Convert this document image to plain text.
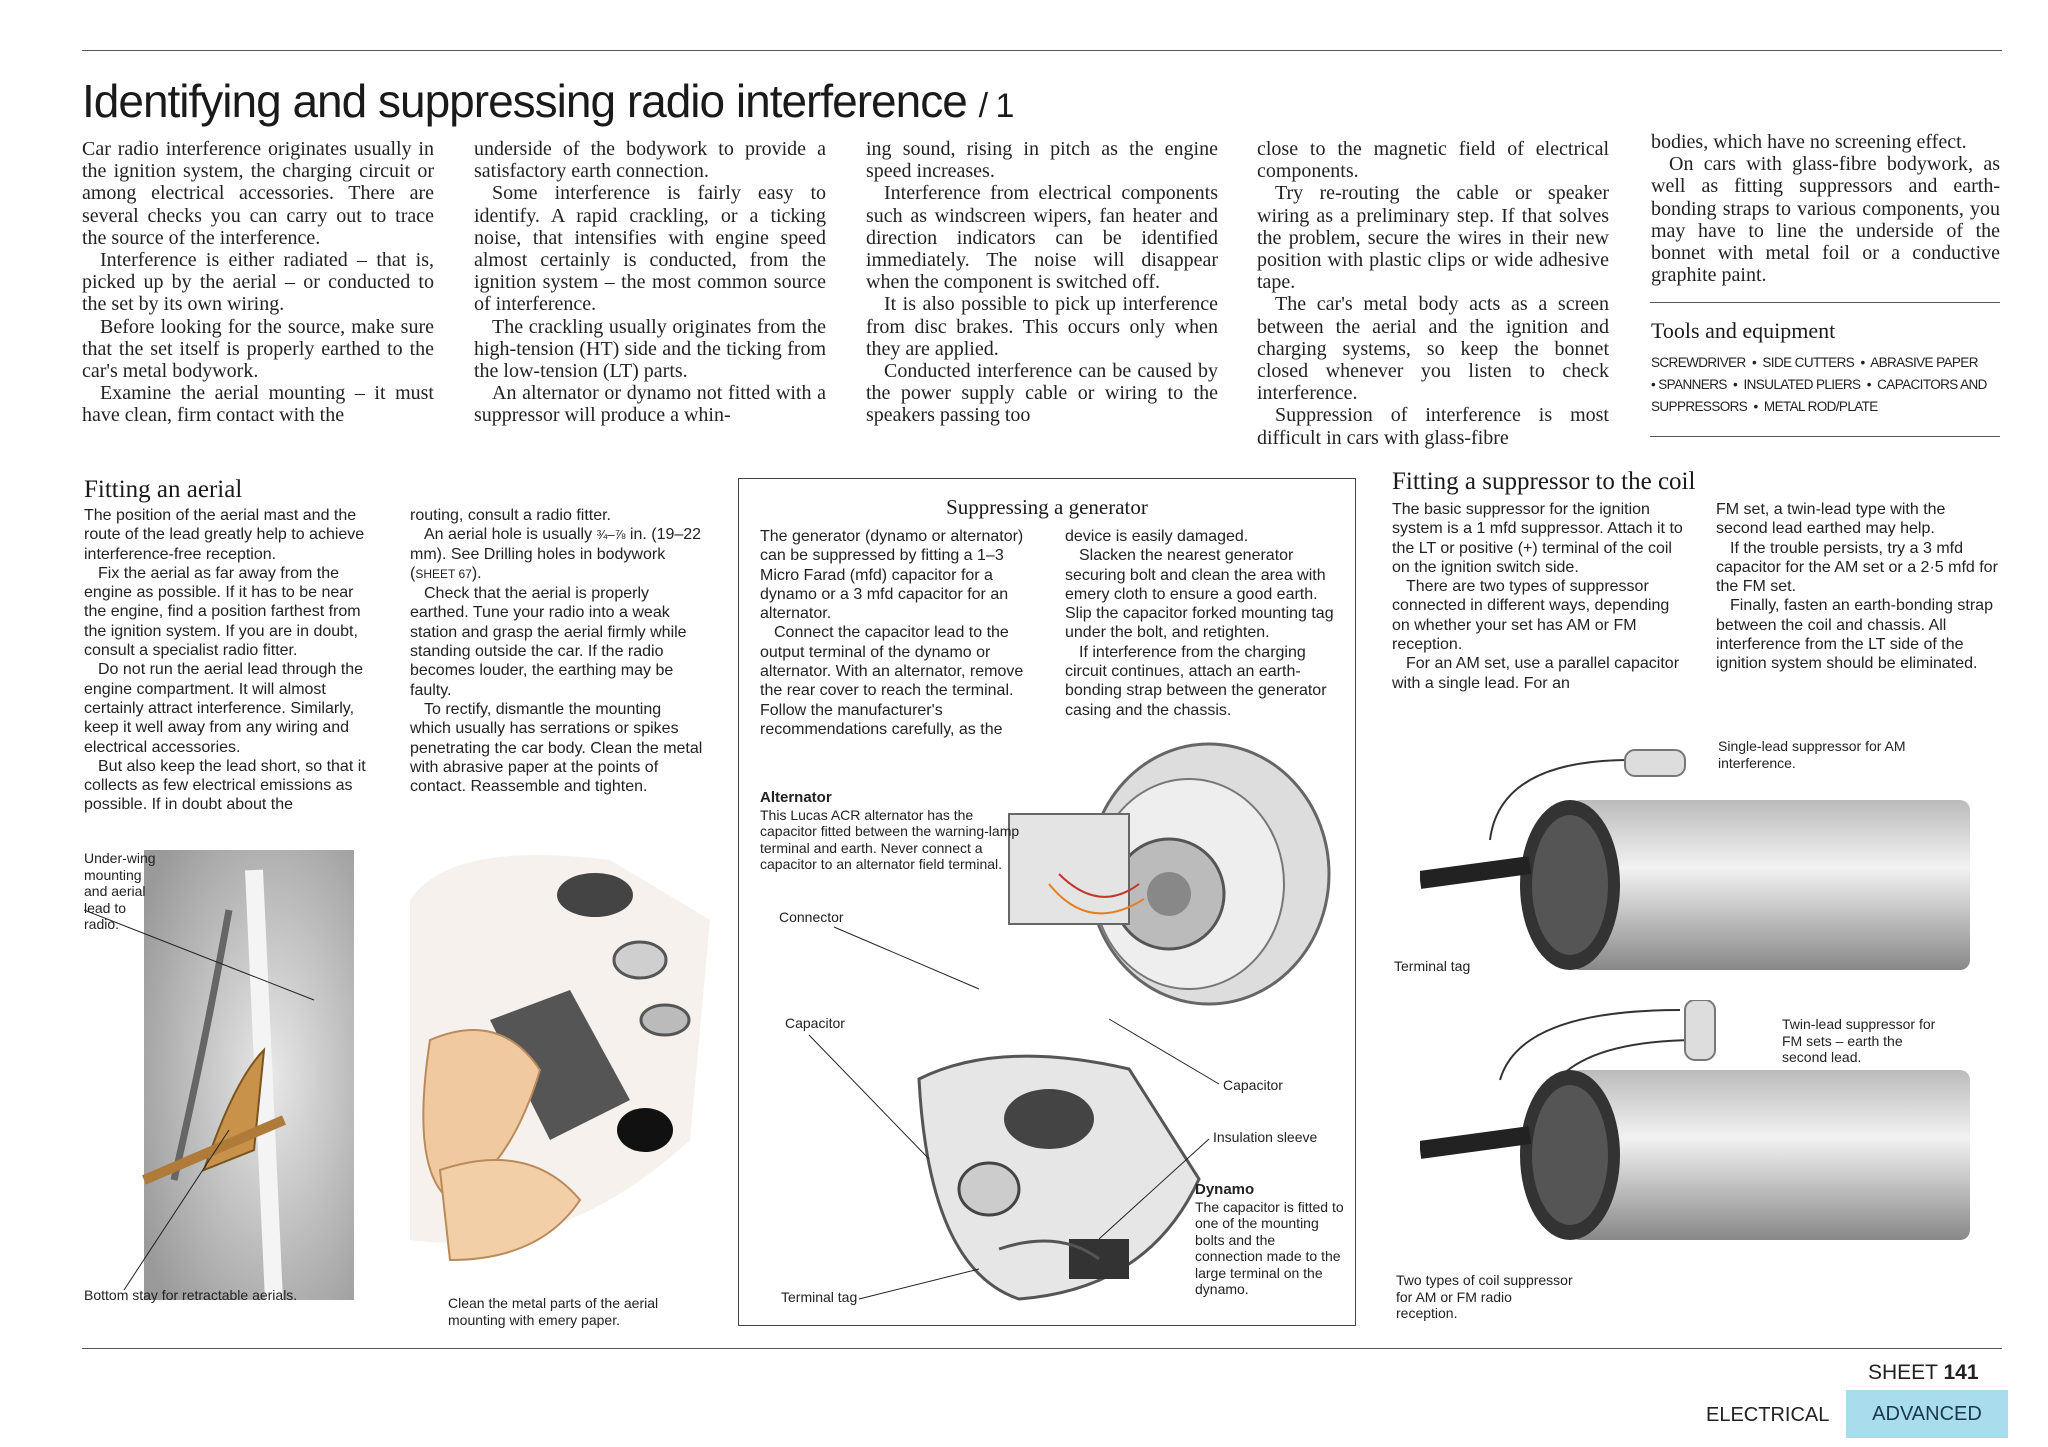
Identifying and suppressing radio interference / 1

Car radio interference originates usually in the ignition system, the charging circuit or among electrical accessories. There are several checks you can carry out to trace the source of the interference.

Interference is either radiated – that is, picked up by the aerial – or conducted to the set by its own wiring.

Before looking for the source, make sure that the set itself is properly earthed to the car's metal bodywork.

Examine the aerial mounting – it must have clean, firm contact with the

underside of the bodywork to provide a satisfactory earth connection.

Some interference is fairly easy to identify. A rapid crackling, or a ticking noise, that intensifies with engine speed almost certainly is conducted, from the ignition system – the most common source of interference.

The crackling usually originates from the high-tension (HT) side and the ticking from the low-tension (LT) parts.

An alternator or dynamo not fitted with a suppressor will produce a whin-

ing sound, rising in pitch as the engine speed increases.

Interference from electrical components such as windscreen wipers, fan heater and direction indicators can be identified immediately. The noise will disappear when the component is switched off.

It is also possible to pick up interference from disc brakes. This occurs only when they are applied.

Conducted interference can be caused by the power supply cable or wiring to the speakers passing too

close to the magnetic field of electrical components.

Try re-routing the cable or speaker wiring as a preliminary step. If that solves the problem, secure the wires in their new position with plastic clips or wide adhesive tape.

The car's metal body acts as a screen between the aerial and the ignition and charging systems, so keep the bonnet closed whenever you listen to check interference.

Suppression of interference is most difficult in cars with glass-fibre

bodies, which have no screening effect.

On cars with glass-fibre bodywork, as well as fitting suppressors and earth-bonding straps to various components, you may have to line the underside of the bonnet with metal foil or a conductive graphite paint.

Tools and equipment
SCREWDRIVER  •  SIDE CUTTERS  •  ABRASIVE PAPER
• SPANNERS  •  INSULATED PLIERS  •  CAPACITORS AND SUPPRESSORS  •  METAL ROD/PLATE
Fitting an aerial

The position of the aerial mast and the route of the lead greatly help to achieve interference-free reception.

Fix the aerial as far away from the engine as possible. If it has to be near the engine, find a position farthest from the ignition system. If you are in doubt, consult a specialist radio fitter.

Do not run the aerial lead through the engine compartment. It will almost certainly attract interference. Similarly, keep it well away from any wiring and electrical accessories.

But also keep the lead short, so that it collects as few electrical emissions as possible. If in doubt about the

routing, consult a radio fitter.

An aerial hole is usually ¾–⅞ in. (19–22 mm). See Drilling holes in bodywork (SHEET 67).

Check that the aerial is properly earthed. Tune your radio into a weak station and grasp the aerial firmly while standing outside the car. If the radio becomes louder, the earthing may be faulty.

To rectify, dismantle the mounting which usually has serrations or spikes penetrating the car body. Clean the metal with abrasive paper at the points of contact. Reassemble and tighten.

Under-wing mounting and aerial lead to radio.
Bottom stay for retractable aerials.	Clean the metal parts of the aerial mounting with emery paper.
Suppressing a generator

The generator (dynamo or alternator) can be suppressed by fitting a 1–3 Micro Farad (mfd) capacitor for a dynamo or a 3 mfd capacitor for an alternator.

Connect the capacitor lead to the output terminal of the dynamo or alternator. With an alternator, remove the rear cover to reach the terminal. Follow the manufacturer's recommendations carefully, as the

device is easily damaged.

Slacken the nearest generator securing bolt and clean the area with emery cloth to ensure a good earth. Slip the capacitor forked mounting tag under the bolt, and retighten.

If interference from the charging circuit continues, attach an earth-bonding strap between the generator casing and the chassis.

Alternator
This Lucas ACR alternator has the capacitor fitted between the warning-lamp terminal and earth. Never connect a capacitor to an alternator field terminal.
Connector
Capacitor
Capacitor
Insulation sleeve
Dynamo
The capacitor is fitted to one of the mounting bolts and the connection made to the large terminal on the dynamo.
Terminal tag
Fitting a suppressor to the coil

The basic suppressor for the ignition system is a 1 mfd suppressor. Attach it to the LT or positive (+) terminal of the coil on the ignition switch side.

There are two types of suppressor connected in different ways, depending on whether your set has AM or FM reception.

For an AM set, use a parallel capacitor with a single lead. For an

FM set, a twin-lead type with the second lead earthed may help.

If the trouble persists, try a 3 mfd capacitor for the AM set or a 2·5 mfd for the FM set.

Finally, fasten an earth-bonding strap between the coil and chassis. All interference from the LT side of the ignition system should be eliminated.

Single-lead suppressor for AM interference.
Terminal tag
Twin-lead suppressor for FM sets – earth the second lead.
Two types of coil suppressor for AM or FM radio reception.
SHEET 141
ELECTRICAL	ADVANCED
